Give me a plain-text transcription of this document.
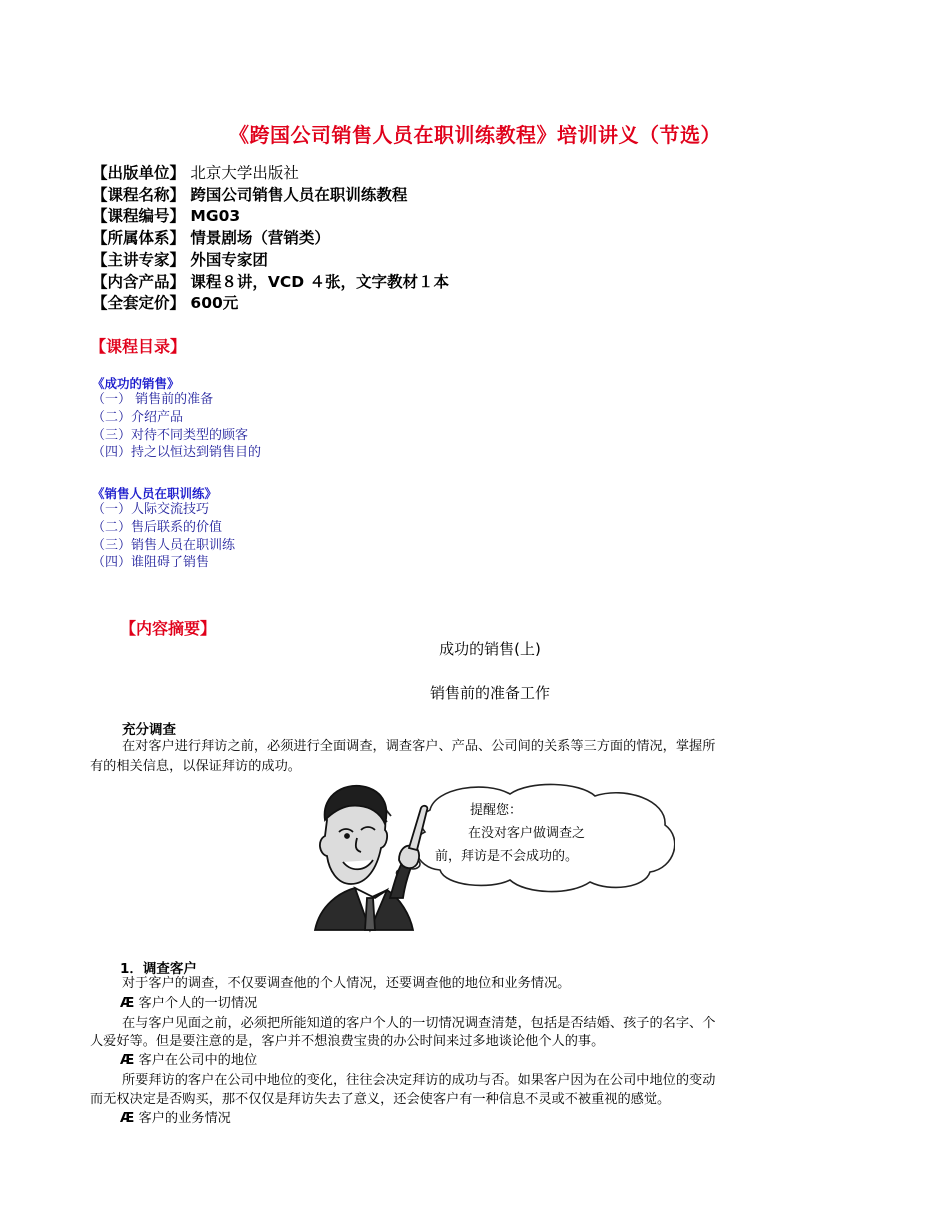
《跨国公司销售人员在职训练教程》培训讲义（节选）
【出版单位】 北京大学出版社
【课程名称】 跨国公司销售人员在职训练教程
【课程编号】 MG03
【所属体系】 情景剧场（营销类）
【主讲专家】 外国专家团
【内含产品】 课程８讲，VCD ４张，文字教材１本
【全套定价】 600元
【课程目录】
《成功的销售》
（一） 销售前的准备
（二）介绍产品
（三）对待不同类型的顾客
（四）持之以恒达到销售目的
《销售人员在职训练》
（一）人际交流技巧
（二）售后联系的价值
（三）销售人员在职训练
（四）谁阻碍了销售
【内容摘要】
成功的销售(上)
销售前的准备工作
充分调查
在对客户进行拜访之前，必须进行全面调查，调查客户、产品、公司间的关系等三方面的情况，掌握所
有的相关信息，以保证拜访的成功。
提醒您：
在没对客户做调查之
前，拜访是不会成功的。
1．调查客户
对于客户的调查，不仅要调查他的个人情况，还要调查他的地位和业务情况。
Æ 客户个人的一切情况
在与客户见面之前，必须把所能知道的客户个人的一切情况调查清楚，包括是否结婚、孩子的名字、个
人爱好等。但是要注意的是，客户并不想浪费宝贵的办公时间来过多地谈论他个人的事。
Æ 客户在公司中的地位
所要拜访的客户在公司中地位的变化，往往会决定拜访的成功与否。如果客户因为在公司中地位的变动
而无权决定是否购买，那不仅仅是拜访失去了意义，还会使客户有一种信息不灵或不被重视的感觉。
Æ 客户的业务情况
